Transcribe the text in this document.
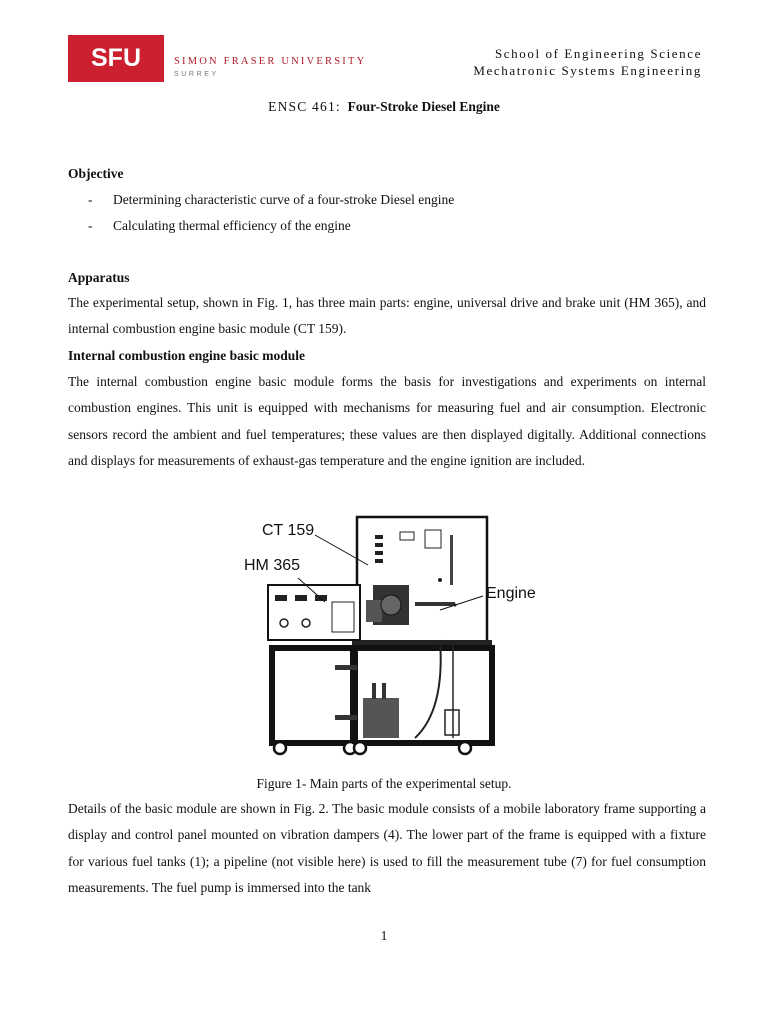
SFU	SIMON FRASER UNIVERSITY
SURREY
School of Engineering Science
Mechatronic Systems Engineering
ENSC 461: Four-Stroke Diesel Engine
Objective
- Determining characteristic curve of a four-stroke Diesel engine
- Calculating thermal efficiency of the engine
Apparatus
The experimental setup, shown in Fig. 1, has three main parts: engine, universal drive and brake unit (HM 365), and internal combustion engine basic module (CT 159).
Internal combustion engine basic module
The internal combustion engine basic module forms the basis for investigations and experiments on internal combustion engines. This unit is equipped with mechanisms for measuring fuel and air consumption. Electronic sensors record the ambient and fuel temperatures; these values are then displayed digitally. Additional connections and displays for measurements of exhaust-gas temperature and the engine ignition are included.
CT 159
HM 365
Engine
Figure 1- Main parts of the experimental setup.
Details of the basic module are shown in Fig. 2. The basic module consists of a mobile laboratory frame supporting a display and control panel mounted on vibration dampers (4). The lower part of the frame is equipped with a fixture for various fuel tanks (1); a pipeline (not visible here) is used to fill the measurement tube (7) for fuel consumption measurements. The fuel pump is immersed into the tank
1
